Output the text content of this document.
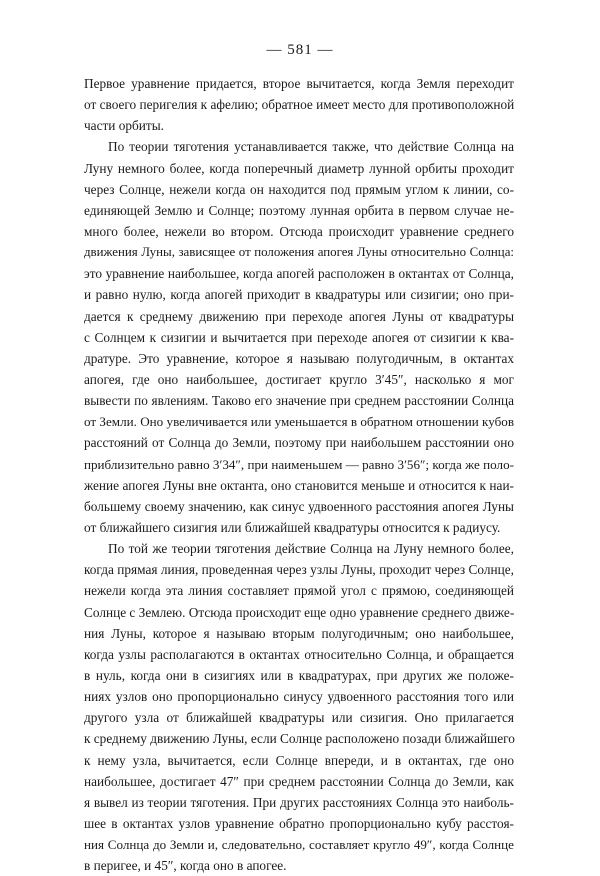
— 581 —
Первое уравнение придается, второе вычитается, когда Земля переходит
от своего перигелия к афелию; обратное имеет место для противоположной
части орбиты.
По теории тяготения устанавливается также, что действие Солнца на
Луну немного более, когда поперечный диаметр лунной орбиты проходит
через Солнце, нежели когда он находится под прямым углом к линии, со-
единяющей Землю и Солнце; поэтому лунная орбита в первом случае не-
много более, нежели во втором. Отсюда происходит уравнение среднего
движения Луны, зависящее от положения апогея Луны относительно Солнца:
это уравнение наибольшее, когда апогей расположен в октантах от Солнца,
и равно нулю, когда апогей приходит в квадратуры или сизигии; оно при-
дается к среднему движению при переходе апогея Луны от квадратуры
с Солнцем к сизигии и вычитается при переходе апогея от сизигии к ква-
дратуре. Это уравнение, которое я называю полугодичным, в октантах
апогея, где оно наибольшее, достигает кругло 3′45″, насколько я мог
вывести по явлениям. Таково его значение при среднем расстоянии Солнца
от Земли. Оно увеличивается или уменьшается в обратном отношении кубов
расстояний от Солнца до Земли, поэтому при наибольшем расстоянии оно
приблизительно равно 3′34″, при наименьшем — равно 3′56″; когда же поло-
жение апогея Луны вне октанта, оно становится меньше и относится к наи-
большему своему значению, как синус удвоенного расстояния апогея Луны
от ближайшего сизигия или ближайшей квадратуры относится к радиусу.
По той же теории тяготения действие Солнца на Луну немного более,
когда прямая линия, проведенная через узлы Луны, проходит через Солнце,
нежели когда эта линия составляет прямой угол с прямою, соединяющей
Солнце с Землею. Отсюда происходит еще одно уравнение среднего движе-
ния Луны, которое я называю вторым полугодичным; оно наибольшее,
когда узлы располагаются в октантах относительно Солнца, и обращается
в нуль, когда они в сизигиях или в квадратурах, при других же положе-
ниях узлов оно пропорционально синусу удвоенного расстояния того или
другого узла от ближайшей квадратуры или сизигия. Оно прилагается
к среднему движению Луны, если Солнце расположено позади ближайшего
к нему узла, вычитается, если Солнце впереди, и в октантах, где оно
наибольшее, достигает 47″ при среднем расстоянии Солнца до Земли, как
я вывел из теории тяготения. При других расстояниях Солнца это наиболь-
шее в октантах узлов уравнение обратно пропорционально кубу расстоя-
ния Солнца до Земли и, следовательно, составляет кругло 49″, когда Солнце
в перигее, и 45″, когда оно в апогее.
